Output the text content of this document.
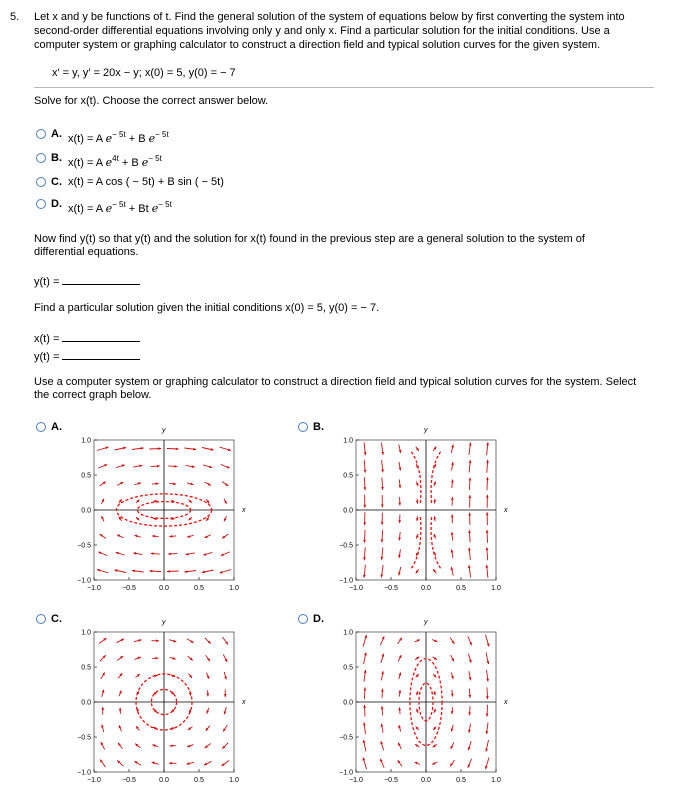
5. Let x and y be functions of t. Find the general solution of the system of equations below by first converting the system into
second-order differential equations involving only y and only x. Find a particular solution for the initial conditions. Use a
computer system or graphing calculator to construct a direction field and typical solution curves for the given system.
x′ = y, y′ = 20x − y; x(0) = 5, y(0) = − 7
Solve for x(t). Choose the correct answer below.
A. x(t) = A $e^{- 5t} + B$ $e^{- 5t}$
B. x(t) = A $e^{4t} + B$ $e^{- 5t}$
C. x(t) = A cos ( − 5t) + B sin ( − 5t)
D. x(t) = A $e^{- 5t} + Bt$ $e^{- 5t}$
Now find y(t) so that y(t) and the solution for x(t) found in the previous step are a general solution to the system of
differential equations.
y(t) =
Find a particular solution given the initial conditions x(0) = 5, y(0) = − 7.
x(t) =
y(t) =
Use a computer system or graphing calculator to construct a direction field and typical solution curves for the system. Select
the correct graph below.
A.	y
x
−1.0	−0.5	0.0	0.5	1.0
1.0
0.5
0.0
−0.5
−1.0
B.	y
x
−1.0	−0.5	0.0	0.5	1.0
1.0
0.5
0.0
−0.5
−1.0
C.	y
x
−1.0	−0.5	0.0	0.5	1.0
1.0
0.5
0.0
−0.5
−1.0
D.	y
x
−1.0	−0.5	0.0	0.5	1.0
1.0
0.5
0.0
−0.5
−1.0
